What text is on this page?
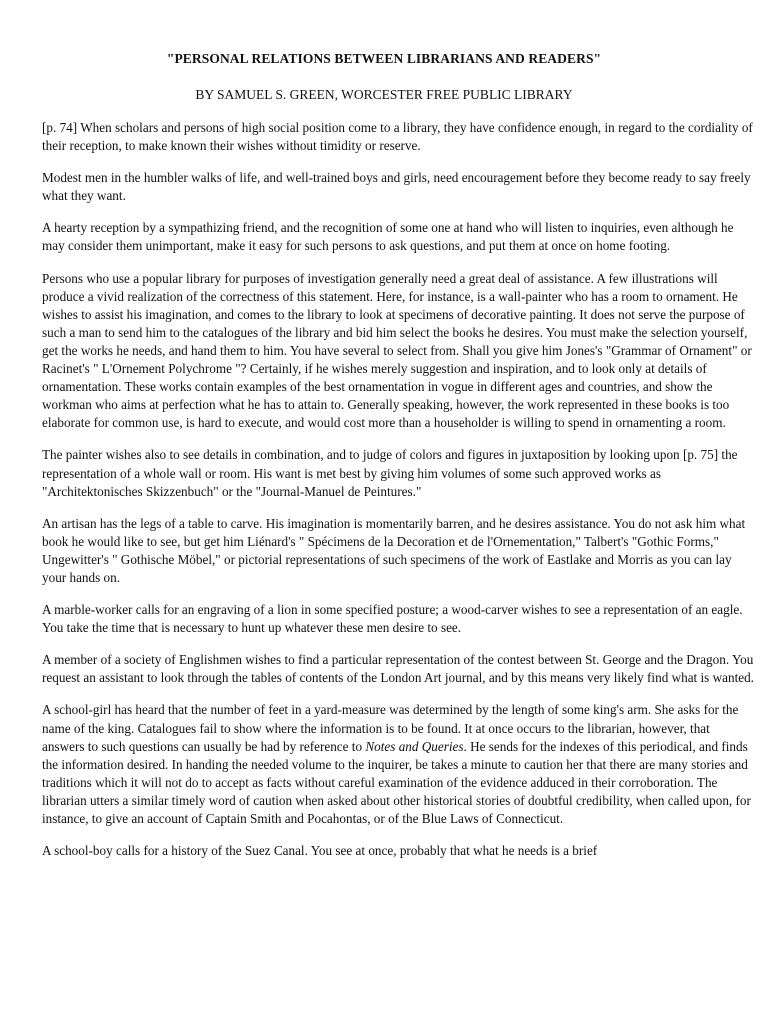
"PERSONAL RELATIONS BETWEEN LIBRARIANS AND READERS"
BY SAMUEL S. GREEN, WORCESTER FREE PUBLIC LIBRARY

[p. 74] When scholars and persons of high social position come to a library, they have confidence enough, in regard to the cordiality of their reception, to make known their wishes without timidity or reserve.

Modest men in the humbler walks of life, and well-trained boys and girls, need encouragement before they become ready to say freely what they want.

A hearty reception by a sympathizing friend, and the recognition of some one at hand who will listen to inquiries, even although he may consider them unimportant, make it easy for such persons to ask questions, and put them at once on home footing.

Persons who use a popular library for purposes of investigation generally need a great deal of assistance. A few illustrations will produce a vivid realization of the correctness of this statement. Here, for instance, is a wall-painter who has a room to ornament. He wishes to assist his imagination, and comes to the library to look at specimens of decorative painting. It does not serve the purpose of such a man to send him to the catalogues of the library and bid him select the books he desires. You must make the selection yourself, get the works he needs, and hand them to him. You have several to select from. Shall you give him Jones's "Grammar of Ornament" or Racinet's " L'Ornement Polychrome "? Certainly, if he wishes merely suggestion and inspiration, and to look only at details of ornamentation. These works contain examples of the best ornamentation in vogue in different ages and countries, and show the workman who aims at perfection what he has to attain to. Generally speaking, however, the work represented in these books is too elaborate for common use, is hard to execute, and would cost more than a householder is willing to spend in ornamenting a room.

The painter wishes also to see details in combination, and to judge of colors and figures in juxtaposition by looking upon [p. 75] the representation of a whole wall or room. His want is met best by giving him volumes of some such approved works as "Architektonisches Skizzenbuch" or the "Journal-Manuel de Peintures."

An artisan has the legs of a table to carve. His imagination is momentarily barren, and he desires assistance. You do not ask him what book he would like to see, but get him Liénard's " Spécimens de la Decoration et de l'Ornementation," Talbert's "Gothic Forms," Ungewitter's " Gothische Möbel," or pictorial representations of such specimens of the work of Eastlake and Morris as you can lay your hands on.

A marble-worker calls for an engraving of a lion in some specified posture; a wood-carver wishes to see a representation of an eagle. You take the time that is necessary to hunt up whatever these men desire to see.

A member of a society of Englishmen wishes to find a particular representation of the contest between St. George and the Dragon. You request an assistant to look through the tables of contents of the London Art journal, and by this means very likely find what is wanted.

A school-girl has heard that the number of feet in a yard-measure was determined by the length of some king's arm. She asks for the name of the king. Catalogues fail to show where the information is to be found. It at once occurs to the librarian, however, that answers to such questions can usually be had by reference to Notes and Queries. He sends for the indexes of this periodical, and finds the information desired. In handing the needed volume to the inquirer, be takes a minute to caution her that there are many stories and traditions which it will not do to accept as facts without careful examination of the evidence adduced in their corroboration. The librarian utters a similar timely word of caution when asked about other historical stories of doubtful credibility, when called upon, for instance, to give an account of Captain Smith and Pocahontas, or of the Blue Laws of Connecticut.

A school-boy calls for a history of the Suez Canal. You see at once, probably that what he needs is a brief
